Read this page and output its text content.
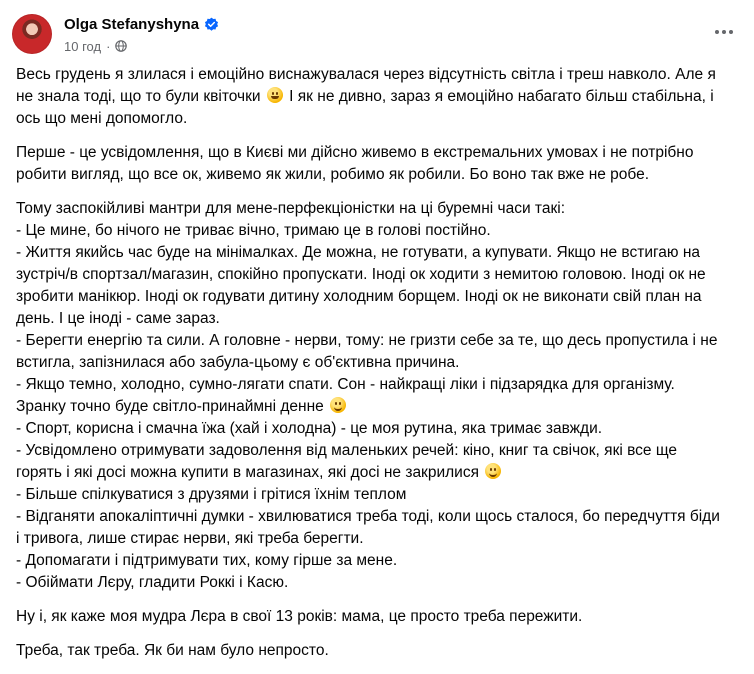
Olga Stefanyshyna
10 год ·

Весь грудень я злилася і емоційно виснажувалася через відсутність світла і треш навколо. Але я
не знала тоді, що то були квіточки І як не дивно, зараз я емоційно набагато більш стабільна, і
ось що мені допомогло.

Перше - це усвідомлення, що в Києві ми дійсно живемо в екстремальних умовах і не потрібно
робити вигляд, що все ок, живемо як жили, робимо як робили. Бо воно так вже не робе.

Тому заспокійливі мантри для мене-перфекціоністки на ці буремні часи такі:
- Це мине, бо нічого не триває вічно, тримаю це в голові постійно.
- Життя якийсь час буде на мінімалках. Де можна, не готувати, а купувати. Якщо не встигаю на
зустріч/в спортзал/магазин, спокійно пропускати. Іноді ок ходити з немитою головою. Іноді ок не
зробити манікюр. Іноді ок годувати дитину холодним борщем. Іноді ок не виконати свій план на
день. І це іноді - саме зараз.
- Берегти енергію та сили. А головне - нерви, тому: не гризти себе за те, що десь пропустила і не
встигла, запізнилася або забула-цьому є об'єктивна причина.
- Якщо темно, холодно, сумно-лягати спати. Сон - найкращі ліки і підзарядка для організму.
Зранку точно буде світло-принаймні денне
- Спорт, корисна і смачна їжа (хай і холодна) - це моя рутина, яка тримає завжди.
- Усвідомлено отримувати задоволення від маленьких речей: кіно, книг та свічок, які все ще
горять і які досі можна купити в магазинах, які досі не закрилися
- Більше спілкуватися з друзями і грітися їхнім теплом
- Відганяти апокаліптичні думки - хвилюватися треба тоді, коли щось сталося, бо передчуття біди
і тривога, лише стирає нерви, які треба берегти.
- Допомагати і підтримувати тих, кому гірше за мене.
- Обіймати Лєру, гладити Роккі і Касю.

Ну і, як каже моя мудра Лєра в свої 13 років: мама, це просто треба пережити.

Треба, так треба. Як би нам було непросто.
